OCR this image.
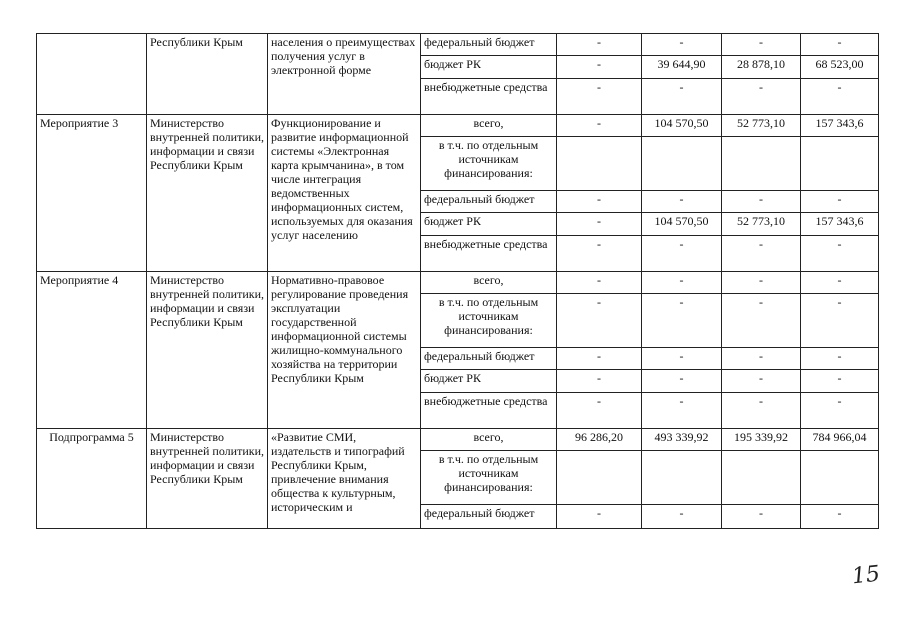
	Республики Крым	населения о преимуществах получения услуг в электронной форме	федеральный бюджет	-	-	-	-
			бюджет РК	-	39 644,90	28 878,10	68 523,00
			внебюджетные средства	-	-	-	-
Мероприятие 3	Министерство внутренней политики, информации и связи Республики Крым	Функционирование и развитие информационной системы «Электронная карта крымчанина», в том числе интеграция ведомственных информационных систем, используемых для оказания услуг населению	всего,	-	104 570,50	52 773,10	157 343,6
			в т.ч. по отдельным источникам финансирования:				
			федеральный бюджет	-	-	-	-
			бюджет РК	-	104 570,50	52 773,10	157 343,6
			внебюджетные средства	-	-	-	-
Мероприятие 4	Министерство внутренней политики, информации и связи Республики Крым	Нормативно-правовое регулирование проведения эксплуатации государственной информационной системы жилищно-коммунального хозяйства на территории Республики Крым	всего,	-	-	-	-
			в т.ч. по отдельным источникам финансирования:	-	-	-	-
			федеральный бюджет	-	-	-	-
			бюджет РК	-	-	-	-
			внебюджетные средства	-	-	-	-
Подпрограмма 5	Министерство внутренней политики, информации и связи Республики Крым	«Развитие СМИ, издательств и типографий Республики Крым, привлечение внимания общества к культурным, историческим и	всего,	96 286,20	493 339,92	195 339,92	784 966,04
			в т.ч. по отдельным источникам финансирования:				
			федеральный бюджет	-	-	-	-
15
